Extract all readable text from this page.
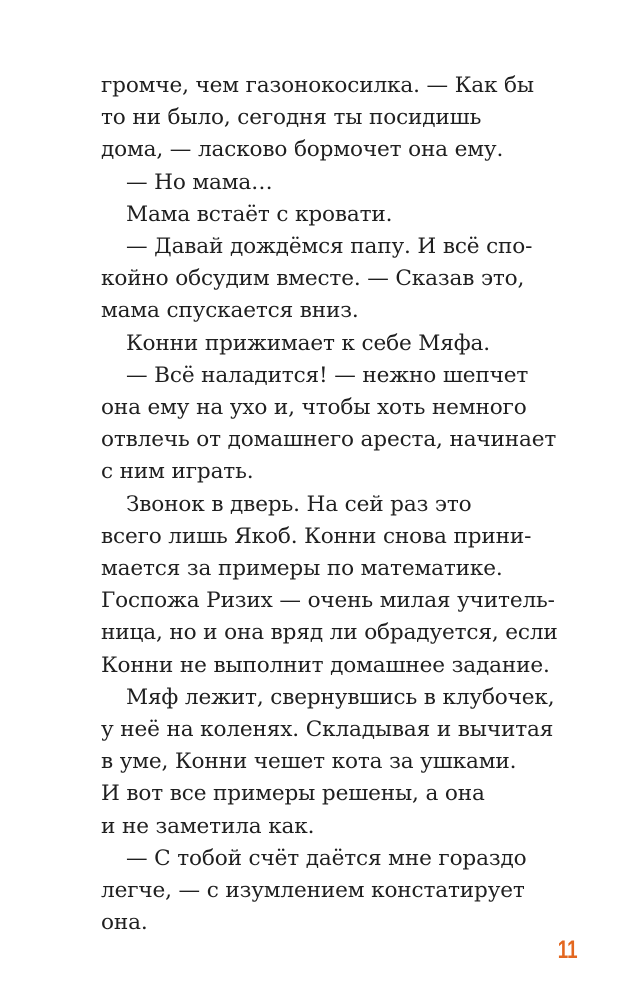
громче, чем газонокосилка. — Как бы
то ни было, сегодня ты посидишь
дома, — ласково бормочет она ему.
— Но мама…
Мама встаёт с кровати.
— Давай дождёмся папу. И всё спо-
койно обсудим вместе. — Сказав это,
мама спускается вниз.
Конни прижимает к себе Мяфа.
— Всё наладится! — нежно шепчет
она ему на ухо и, чтобы хоть немного
отвлечь от домашнего ареста, начинает
с ним играть.
Звонок в дверь. На сей раз это
всего лишь Якоб. Конни снова прини-
мается за примеры по математике.
Госпожа Ризих — очень милая учитель-
ница, но и она вряд ли обрадуется, если
Конни не выполнит домашнее задание.
Мяф лежит, свернувшись в клубочек,
у неё на коленях. Складывая и вычитая
в уме, Конни чешет кота за ушками.
И вот все примеры решены, а она
и не заметила как.
— С тобой счёт даётся мне гораздо
легче, — с изумлением констатирует
она.
11
